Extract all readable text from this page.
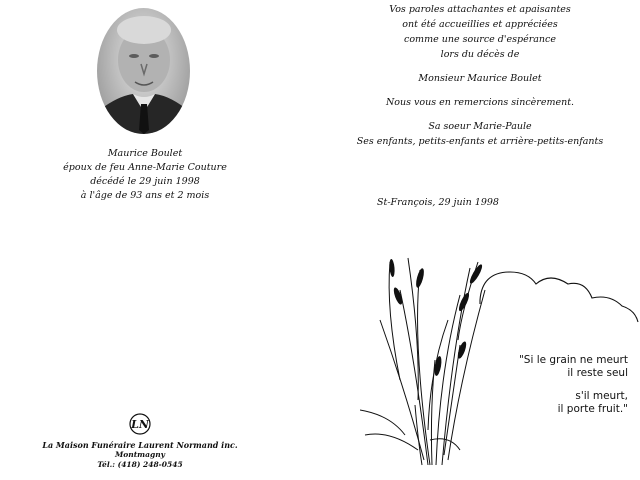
Maurice Boulet
époux de feu Anne-Marie Couture
décédé le 29 juin 1998
à l'âge de 93 ans et 2 mois
LN
La Maison Funéraire Laurent Normand inc.
Montmagny
Tél.: (418) 248-0545

Vos paroles attachantes et apaisantes

ont été accueillies et appréciées

comme une source d'espérance

lors du décès de

Monsieur Maurice Boulet

Nous vous en remercions sincèrement.

Sa soeur Marie-Paule

Ses enfants, petits-enfants et arrière-petits-enfants

St-François, 29 juin 1998
"Si le grain ne meurt
il reste seul
s'il meurt,
il porte fruit."
